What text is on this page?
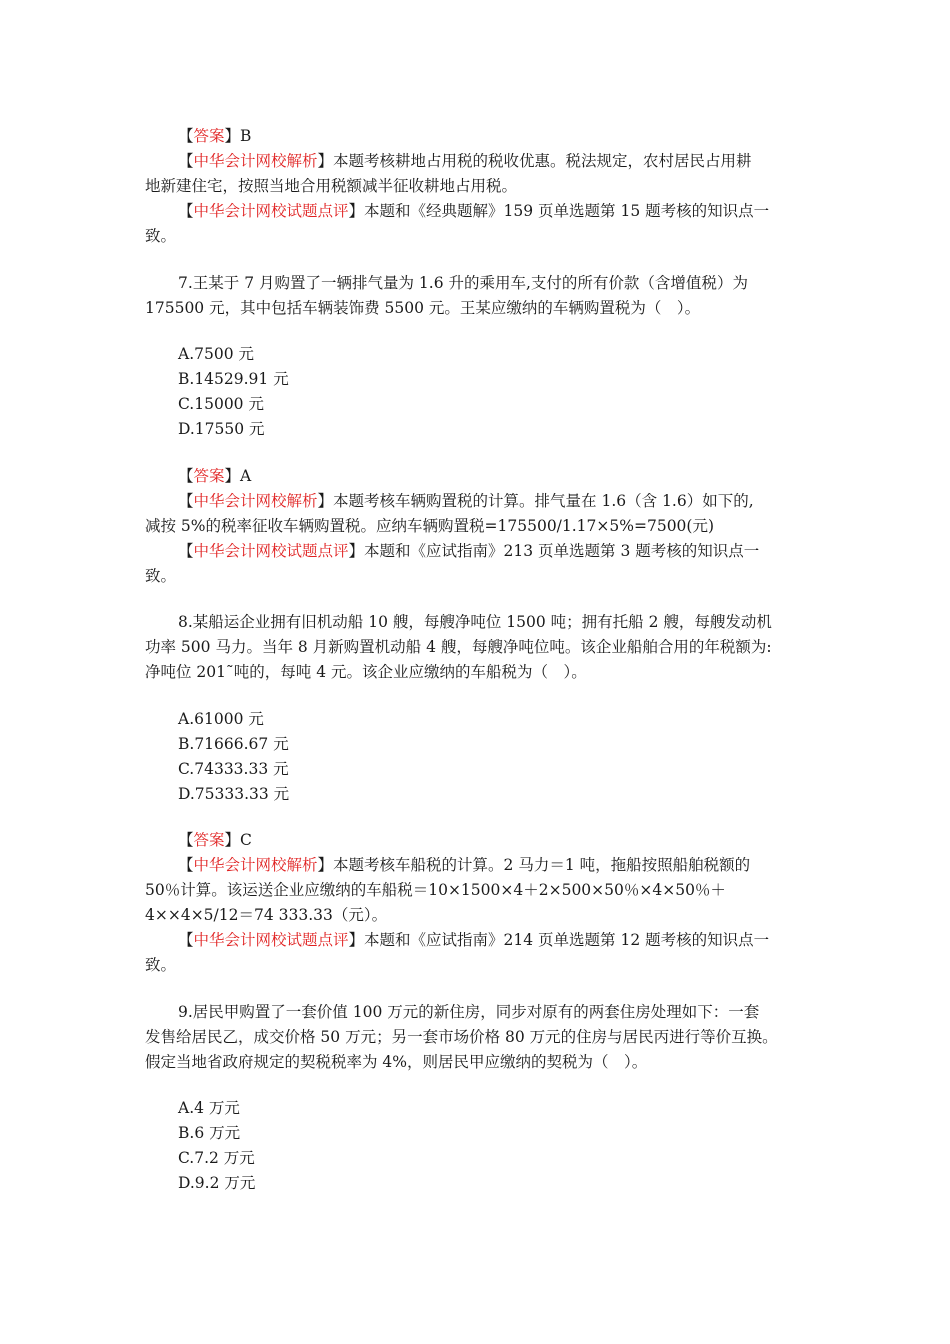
【答案】B
【中华会计网校解析】本题考核耕地占用税的税收优惠。税法规定，农村居民占用耕
地新建住宅，按照当地合用税额减半征收耕地占用税。
【中华会计网校试题点评】本题和《经典题解》159 页单选题第 15 题考核的知识点一
致。
7.王某于 7 月购置了一辆排气量为 1.6 升的乘用车,支付的所有价款（含增值税）为
175500 元，其中包括车辆装饰费 5500 元。王某应缴纳的车辆购置税为（　）。
A.7500 元
B.14529.91 元
C.15000 元
D.17550 元
【答案】A
【中华会计网校解析】本题考核车辆购置税的计算。排气量在 1.6（含 1.6）如下的,
减按 5%的税率征收车辆购置税。应纳车辆购置税=175500/1.17×5%=7500(元)
【中华会计网校试题点评】本题和《应试指南》213 页单选题第 3 题考核的知识点一
致。
8.某船运企业拥有旧机动船 10 艘，每艘净吨位 1500 吨；拥有托船 2 艘，每艘发动机
功率 500 马力。当年 8 月新购置机动船 4 艘，每艘净吨位吨。该企业船舶合用的年税额为:
净吨位 201˜吨的，每吨 4 元。该企业应缴纳的车船税为（　）。
A.61000 元
B.71666.67 元
C.74333.33 元
D.75333.33 元
【答案】C
【中华会计网校解析】本题考核车船税的计算。2 马力＝1 吨，拖船按照船舶税额的
50％计算。该运送企业应缴纳的车船税＝10×1500×4＋2×500×50％×4×50％＋
4××4×5/12＝74 333.33（元）。
【中华会计网校试题点评】本题和《应试指南》214 页单选题第 12 题考核的知识点一
致。
9.居民甲购置了一套价值 100 万元的新住房，同步对原有的两套住房处理如下：一套
发售给居民乙，成交价格 50 万元；另一套市场价格 80 万元的住房与居民丙进行等价互换。
假定当地省政府规定的契税税率为 4%，则居民甲应缴纳的契税为（　）。
A.4 万元
B.6 万元
C.7.2 万元
D.9.2 万元
